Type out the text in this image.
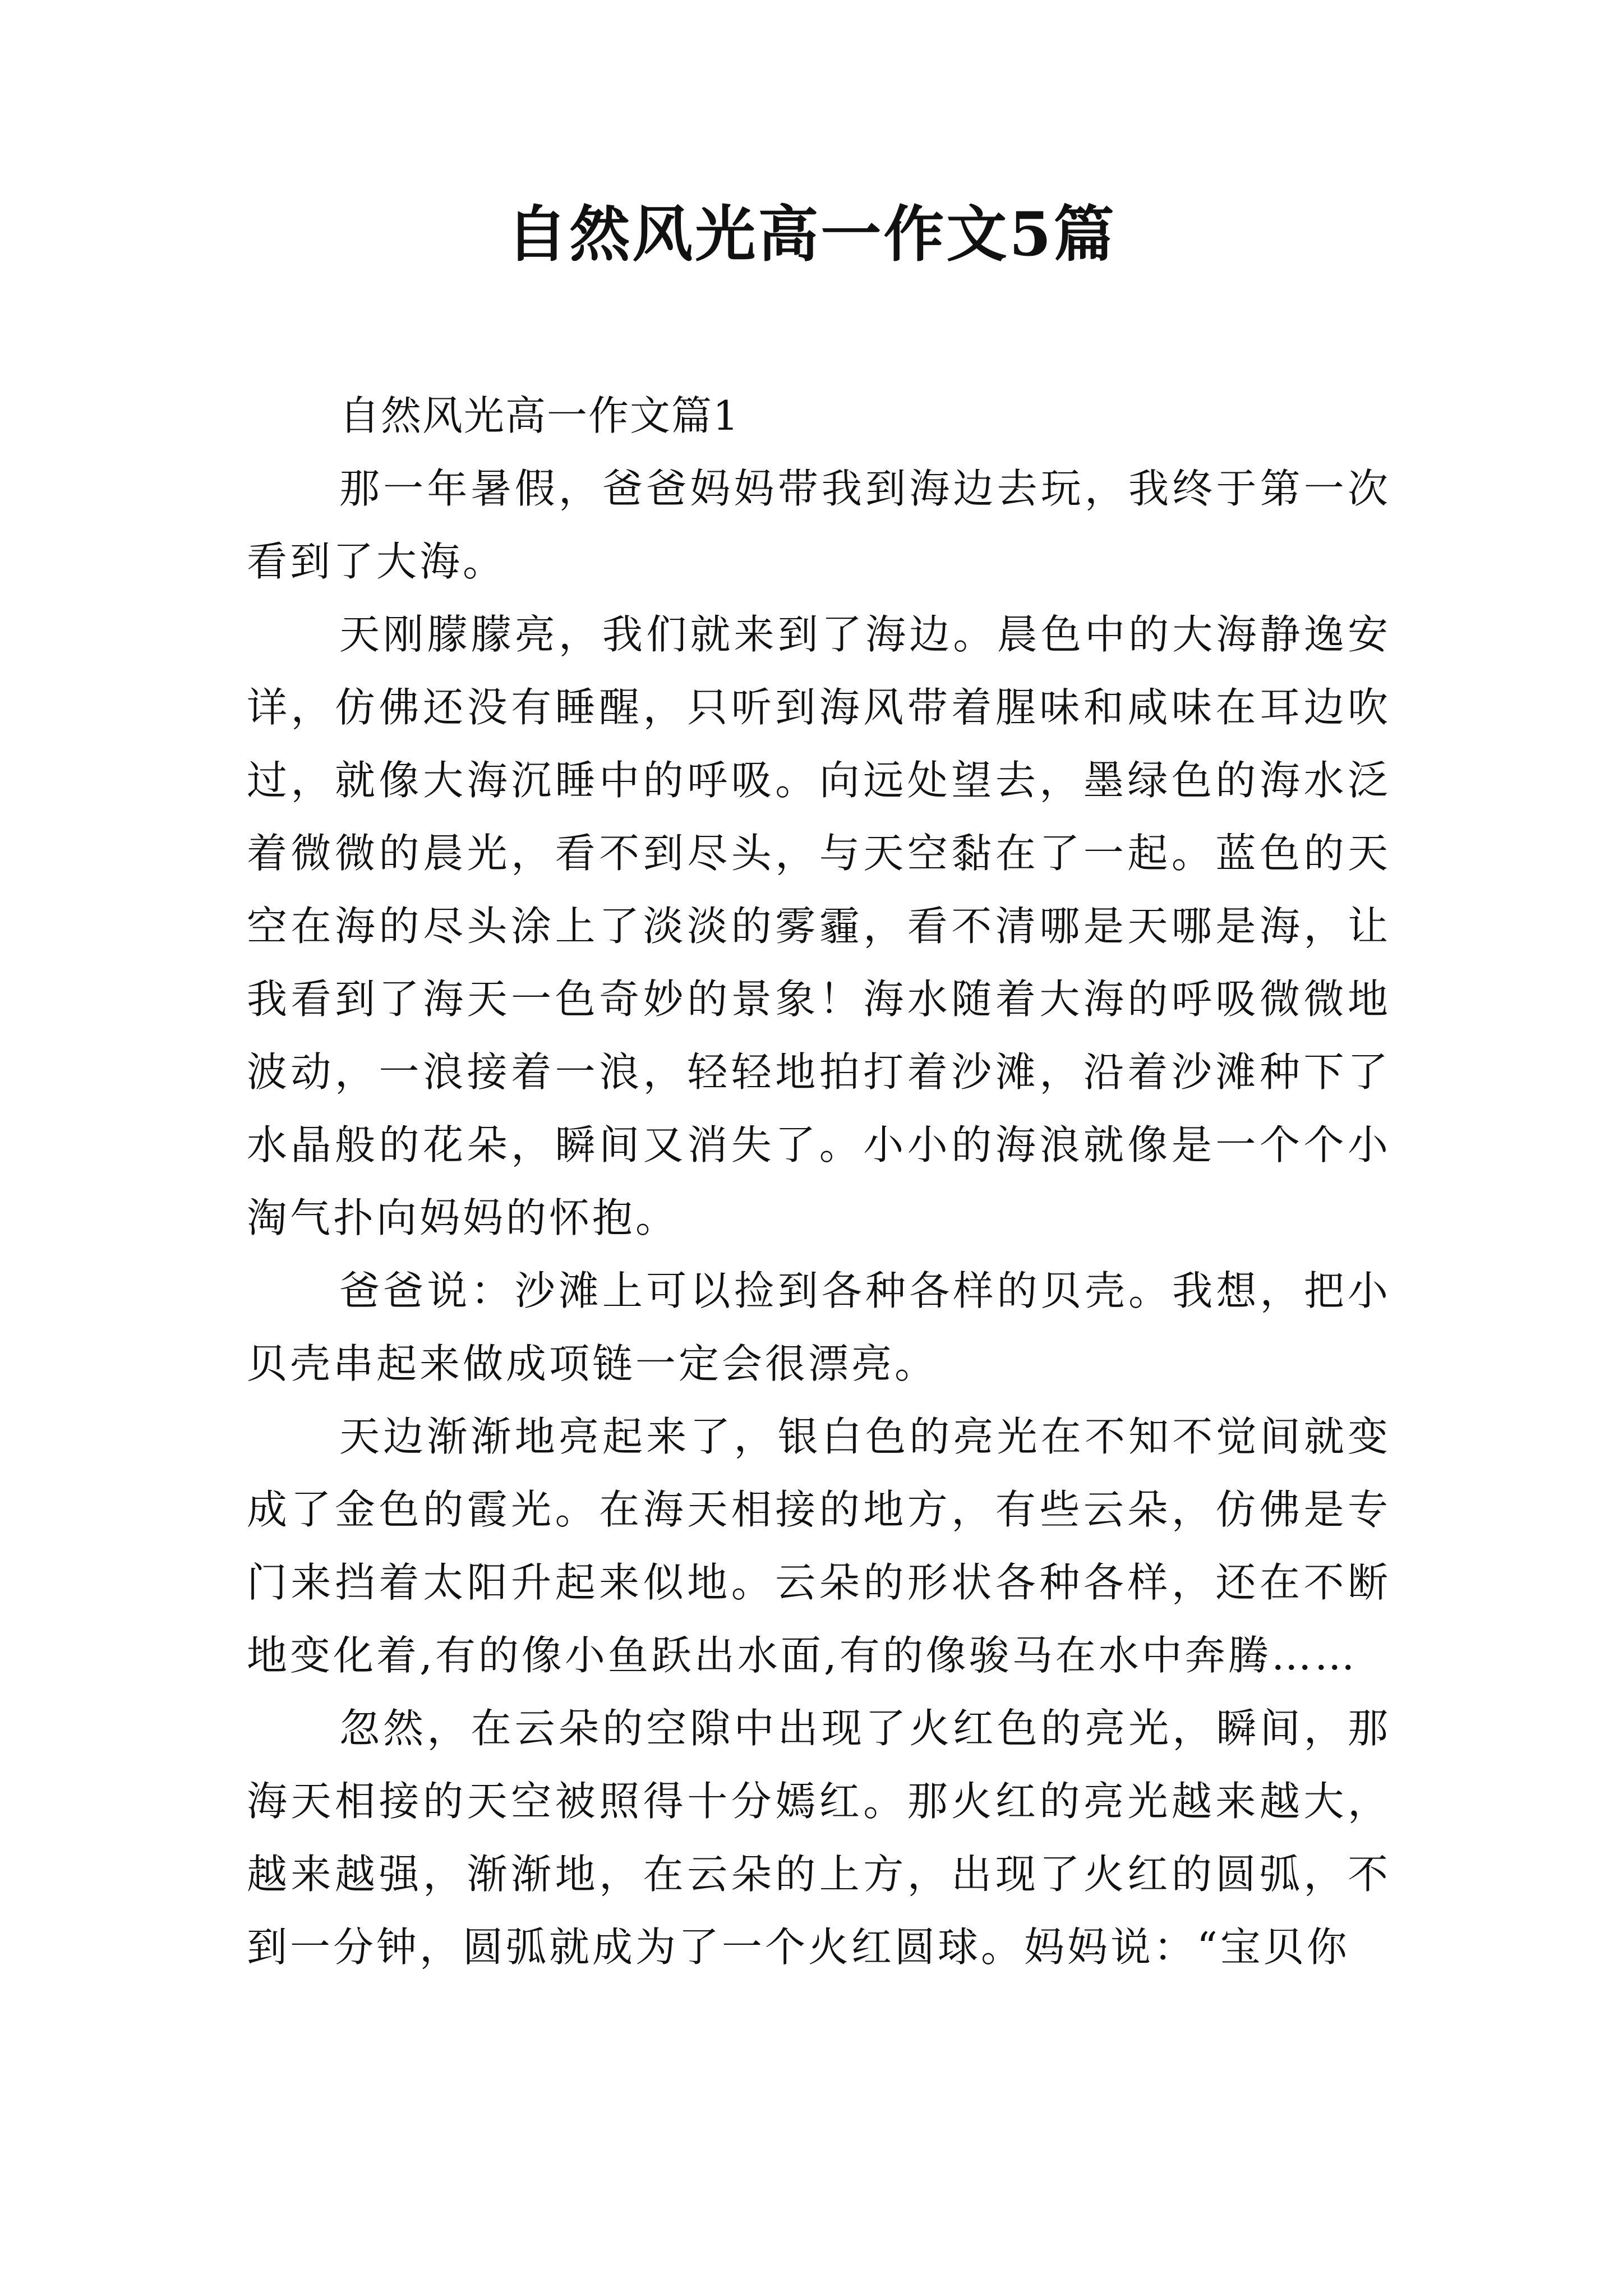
自然风光高一作文5篇

自然风光高一作文篇1

那一年暑假，爸爸妈妈带我到海边去玩，我终于第一次看到了大海。

天刚朦朦亮，我们就来到了海边。晨色中的大海静逸安详，仿佛还没有睡醒，只听到海风带着腥味和咸味在耳边吹过，就像大海沉睡中的呼吸。向远处望去，墨绿色的海水泛着微微的晨光，看不到尽头，与天空黏在了一起。蓝色的天空在海的尽头涂上了淡淡的雾霾，看不清哪是天哪是海，让我看到了海天一色奇妙的景象！海水随着大海的呼吸微微地波动，一浪接着一浪，轻轻地拍打着沙滩，沿着沙滩种下了水晶般的花朵，瞬间又消失了。小小的海浪就像是一个个小淘气扑向妈妈的怀抱。

爸爸说：沙滩上可以捡到各种各样的贝壳。我想，把小贝壳串起来做成项链一定会很漂亮。

天边渐渐地亮起来了，银白色的亮光在不知不觉间就变成了金色的霞光。在海天相接的地方，有些云朵，仿佛是专门来挡着太阳升起来似地。云朵的形状各种各样，还在不断地变化着,有的像小鱼跃出水面,有的像骏马在水中奔腾……

忽然，在云朵的空隙中出现了火红色的亮光，瞬间，那海天相接的天空被照得十分嫣红。那火红的亮光越来越大，越来越强，渐渐地，在云朵的上方，出现了火红的圆弧，不到一分钟，圆弧就成为了一个火红圆球。妈妈说：“宝贝你
